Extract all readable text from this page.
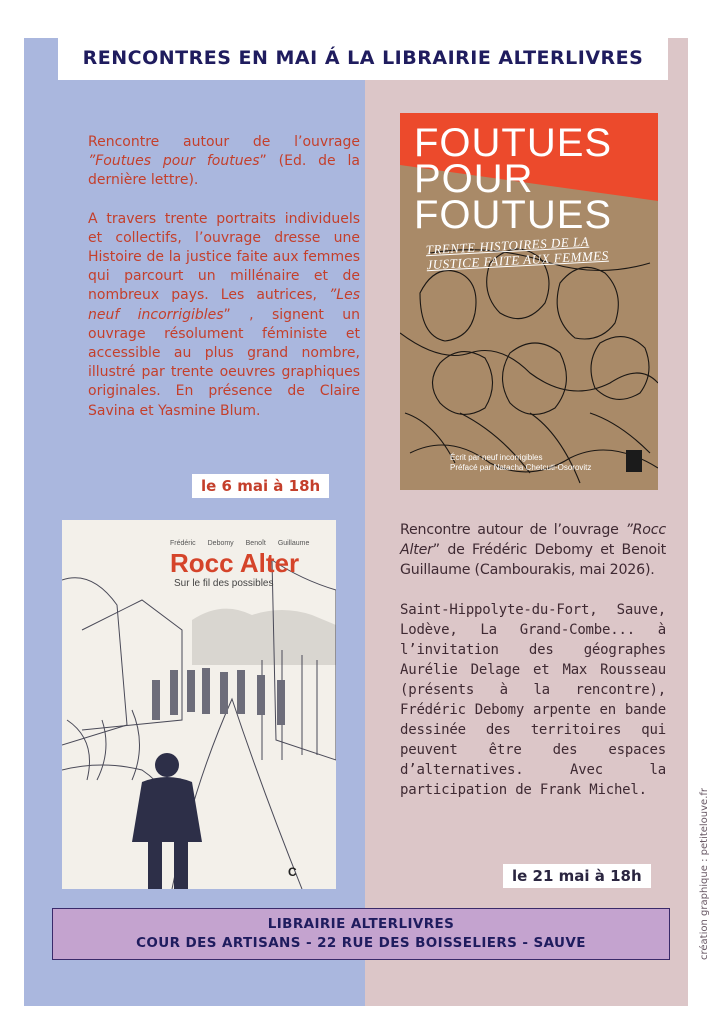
RENCONTRES EN MAI Á LA LIBRAIRIE ALTERLIVRES

Rencontre autour de l’ouvrage ”Foutues pour foutues” (Ed. de la dernière lettre).

A travers trente portraits individuels et collectifs, l’ouvrage dresse une Histoire de la justice faite aux femmes qui parcourt un millénaire et de nombreux pays. Les autrices, ”Les neuf incorrigibles” , signent un ouvrage résolument féministe et accessible au plus grand nombre, illustré par trente oeuvres graphiques originales. En présence de Claire Savina et Yasmine Blum.

le 6 mai à 18h
FOUTUES
POUR
FOUTUES
TRENTE HISTOIRES DE LA JUSTICE FAITE AUX FEMMES
Écrit par neuf incorrigibles
Préfacé par Natacha Chetcuti-Osorovitz
Frédéric Debomy Benoît Guillaume
Rocc Alter
Sur le fil des possibles
C

Rencontre autour de l’ouvrage ”Rocc Alter” de Frédéric Debomy et Benoit Guillaume (Cambourakis, mai 2026).

Saint-Hippolyte-du-Fort, Sauve, Lodève, La Grand-Combe... à l’invitation des géographes Aurélie Delage et Max Rousseau (présents à la rencontre), Frédéric Debomy arpente en bande dessinée des territoires qui peuvent être des espaces d’alternatives. Avec la participation de Frank Michel.

le 21 mai à 18h
LIBRAIRIE ALTERLIVRES
COUR DES ARTISANS - 22 RUE DES BOISSELIERS - SAUVE	création graphique : petitelouve.fr
